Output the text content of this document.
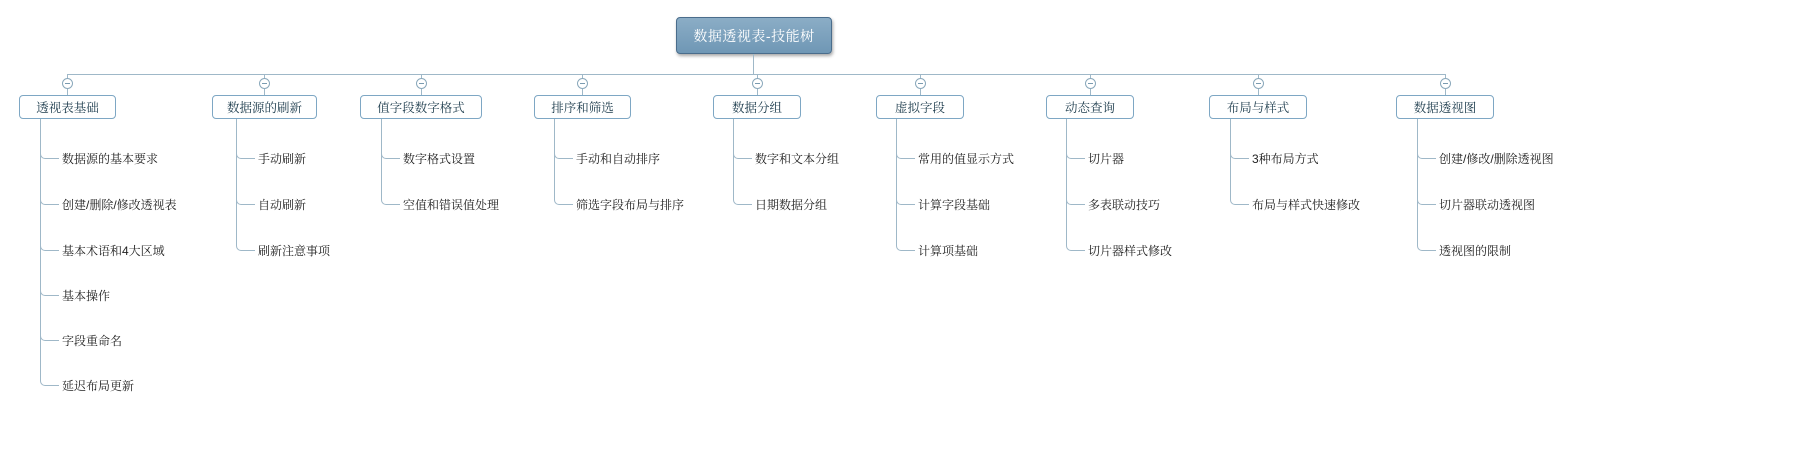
数据透视表-技能树
透视表基础	数据源的刷新	值字段数字格式	排序和筛选	数据分组	虚拟字段	动态查询	布局与样式	数据透视图
数据源的基本要求
创建/删除/修改透视表
基本术语和4大区域
基本操作
字段重命名
延迟布局更新
手动刷新
自动刷新
刷新注意事项
数字格式设置
空值和错误值处理
手动和自动排序
筛选字段布局与排序
数字和文本分组
日期数据分组
常用的值显示方式
计算字段基础
计算项基础
切片器
多表联动技巧
切片器样式修改
3种布局方式
布局与样式快速修改
创建/修改/删除透视图
切片器联动透视图
透视图的限制
